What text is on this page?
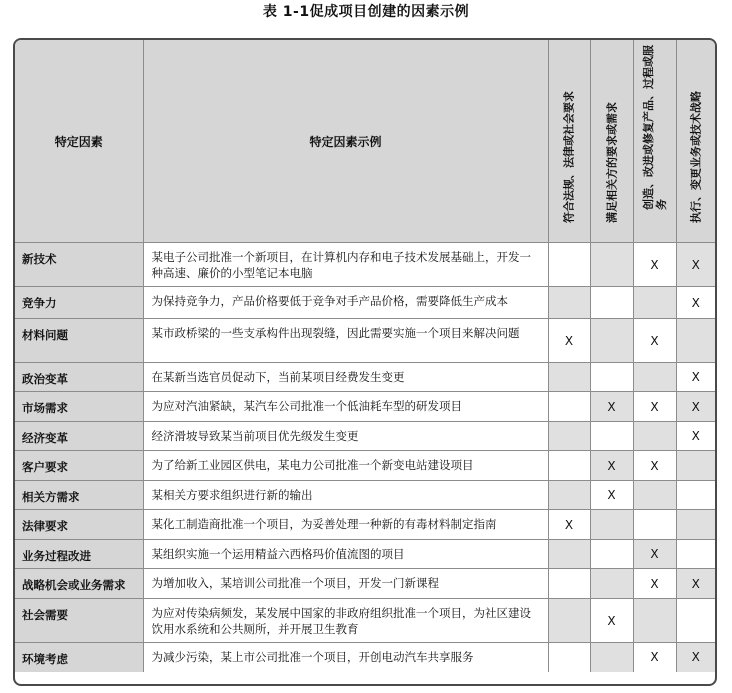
表 1-1促成项目创建的因素示例
特定因素	特定因素示例	符合法规、法律或社会要求	满足相关方的要求或需求	创造、改进或修复产品、过程或服务	执行、变更业务或技术战略

新技术	某电子公司批准一个新项目，在计算机内存和电子技术发展基础上，开发一种高速、廉价的小型笔记本电脑			X	X
竞争力	为保持竞争力，产品价格要低于竞争对手产品价格，需要降低生产成本				X
材料问题	某市政桥梁的一些支承构件出现裂缝，因此需要实施一个项目来解决问题	X		X	
政治变革	在某新当选官员促动下，当前某项目经费发生变更				X
市场需求	为应对汽油紧缺，某汽车公司批准一个低油耗车型的研发项目		X	X	X
经济变革	经济滑坡导致某当前项目优先级发生变更				X
客户要求	为了给新工业园区供电，某电力公司批准一个新变电站建设项目		X	X	
相关方需求	某相关方要求组织进行新的输出		X		
法律要求	某化工制造商批准一个项目，为妥善处理一种新的有毒材料制定指南	X			
业务过程改进	某组织实施一个运用精益六西格玛价值流图的项目			X	
战略机会或业务需求	为增加收入，某培训公司批准一个项目，开发一门新课程			X	X
社会需要	为应对传染病频发，某发展中国家的非政府组织批准一个项目，为社区建设饮用水系统和公共厕所，并开展卫生教育		X		
环境考虑	为减少污染，某上市公司批准一个项目，开创电动汽车共享服务			X	X
